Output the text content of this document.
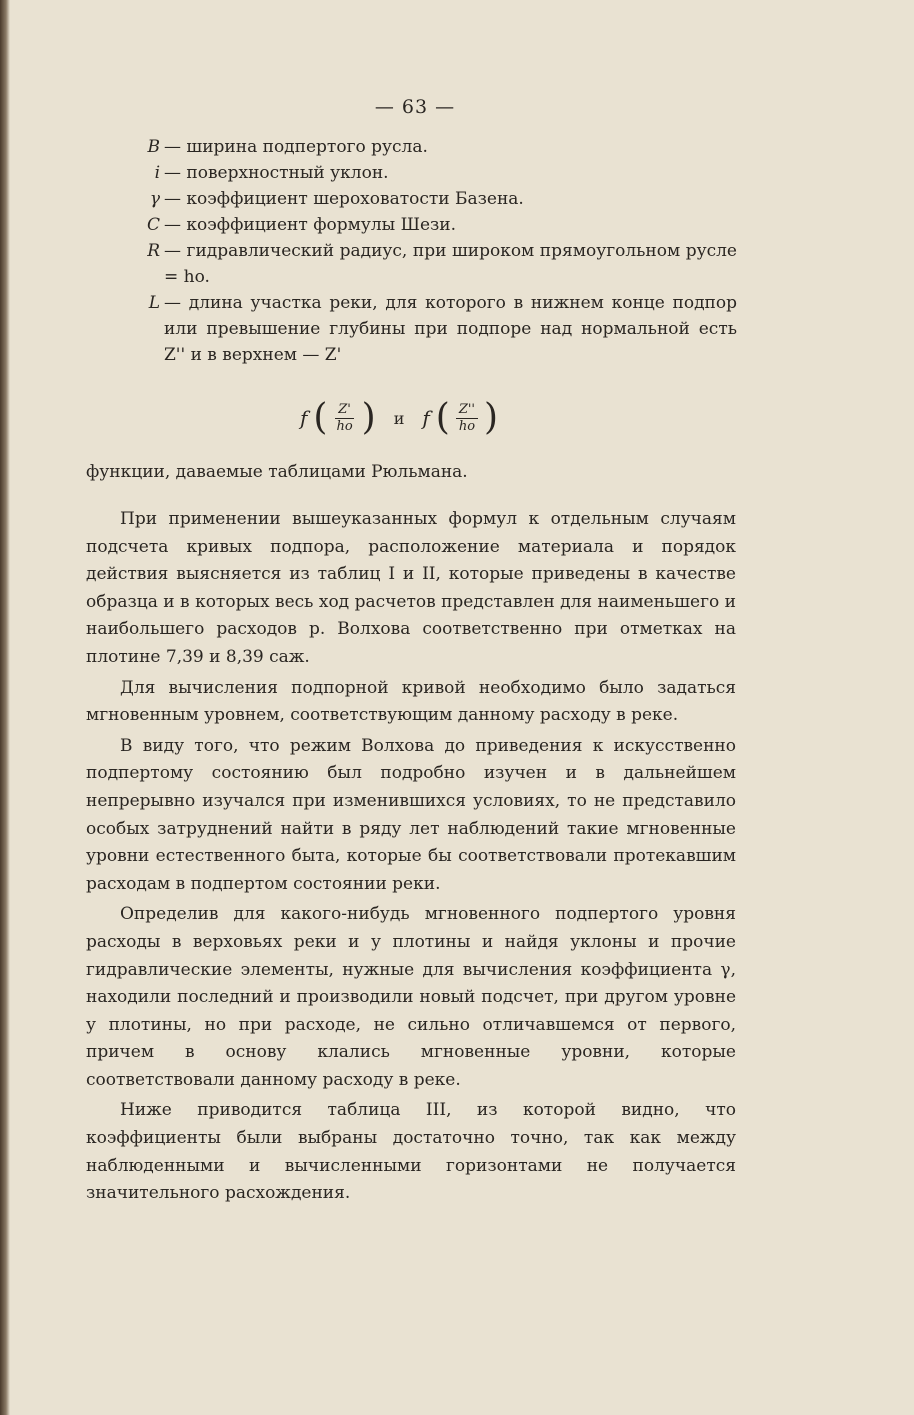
— 63 —
B — ширина подпертого русла.
i — поверхностный уклон.
γ — коэффициент шероховатости Базена.
C — коэффициент формулы Шези.
R — гидравлический радиус, при широком прямоугольном русле = ho.
L — длина участка реки, для которого в нижнем конце подпор или превышение глубины при подпоре над нормальной есть Z'' и в верхнем — Z'
f ( $\frac{Z'}{ho}$ ) и f ( $\frac{Z''}{ho}$ )
функции, даваемые таблицами Рюльмана.

При применении вышеуказанных формул к отдельным случаям подсчета кривых подпора, расположение материала и порядок действия выясняется из таблиц I и II, которые приведены в качестве образца и в которых весь ход расчетов представлен для наименьшего и наибольшего расходов р. Волхова соответственно при отметках на плотине 7,39 и 8,39 саж.

Для вычисления подпорной кривой необходимо было задаться мгновенным уровнем, соответствующим данному расходу в реке.

В виду того, что режим Волхова до приведения к искусственно подпертому состоянию был подробно изучен и в дальнейшем непрерывно изучался при изменившихся условиях, то не представило особых затруднений найти в ряду лет наблюдений такие мгновенные уровни естественного быта, которые бы соответствовали протекавшим расходам в подпертом состоянии реки.

Определив для какого-нибудь мгновенного подпертого уровня расходы в верховьях реки и у плотины и найдя уклоны и прочие гидравлические элементы, нужные для вычисления коэффициента γ, находили последний и производили новый подсчет, при другом уровне у плотины, но при расходе, не сильно отличавшемся от первого, причем в основу клались мгновенные уровни, которые соответствовали данному расходу в реке.

Ниже приводится таблица III, из которой видно, что коэффициенты были выбраны достаточно точно, так как между наблюденными и вычисленными горизонтами не получается значительного расхождения.
